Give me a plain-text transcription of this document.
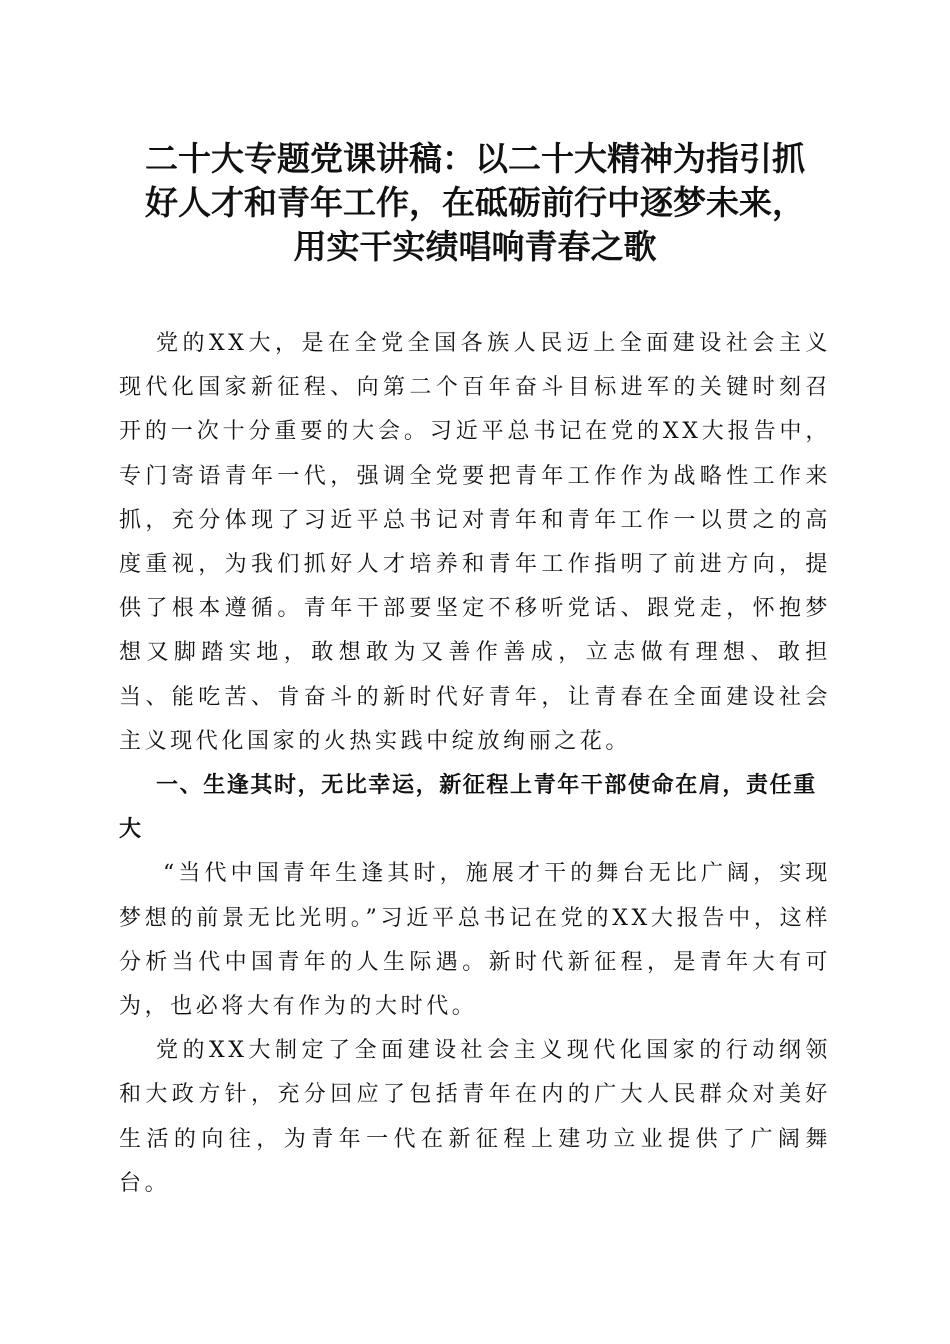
二十大专题党课讲稿：以二十大精神为指引抓
好人才和青年工作，在砥砺前行中逐梦未来，
用实干实绩唱响青春之歌

党的XX大，是在全党全国各族人民迈上全面建设社会主义现代化国家新征程、向第二个百年奋斗目标进军的关键时刻召开的一次十分重要的大会。习近平总书记在党的XX大报告中，专门寄语青年一代，强调全党要把青年工作作为战略性工作来抓，充分体现了习近平总书记对青年和青年工作一以贯之的高度重视，为我们抓好人才培养和青年工作指明了前进方向，提供了根本遵循。青年干部要坚定不移听党话、跟党走，怀抱梦想又脚踏实地，敢想敢为又善作善成，立志做有理想、敢担当、能吃苦、肯奋斗的新时代好青年，让青春在全面建设社会主义现代化国家的火热实践中绽放绚丽之花。

一、生逢其时，无比幸运，新征程上青年干部使命在肩，责任重大

“当代中国青年生逢其时，施展才干的舞台无比广阔，实现梦想的前景无比光明。”习近平总书记在党的XX大报告中，这样分析当代中国青年的人生际遇。新时代新征程，是青年大有可为，也必将大有作为的大时代。

党的XX大制定了全面建设社会主义现代化国家的行动纲领和大政方针，充分回应了包括青年在内的广大人民群众对美好生活的向往，为青年一代在新征程上建功立业提供了广阔舞台。
